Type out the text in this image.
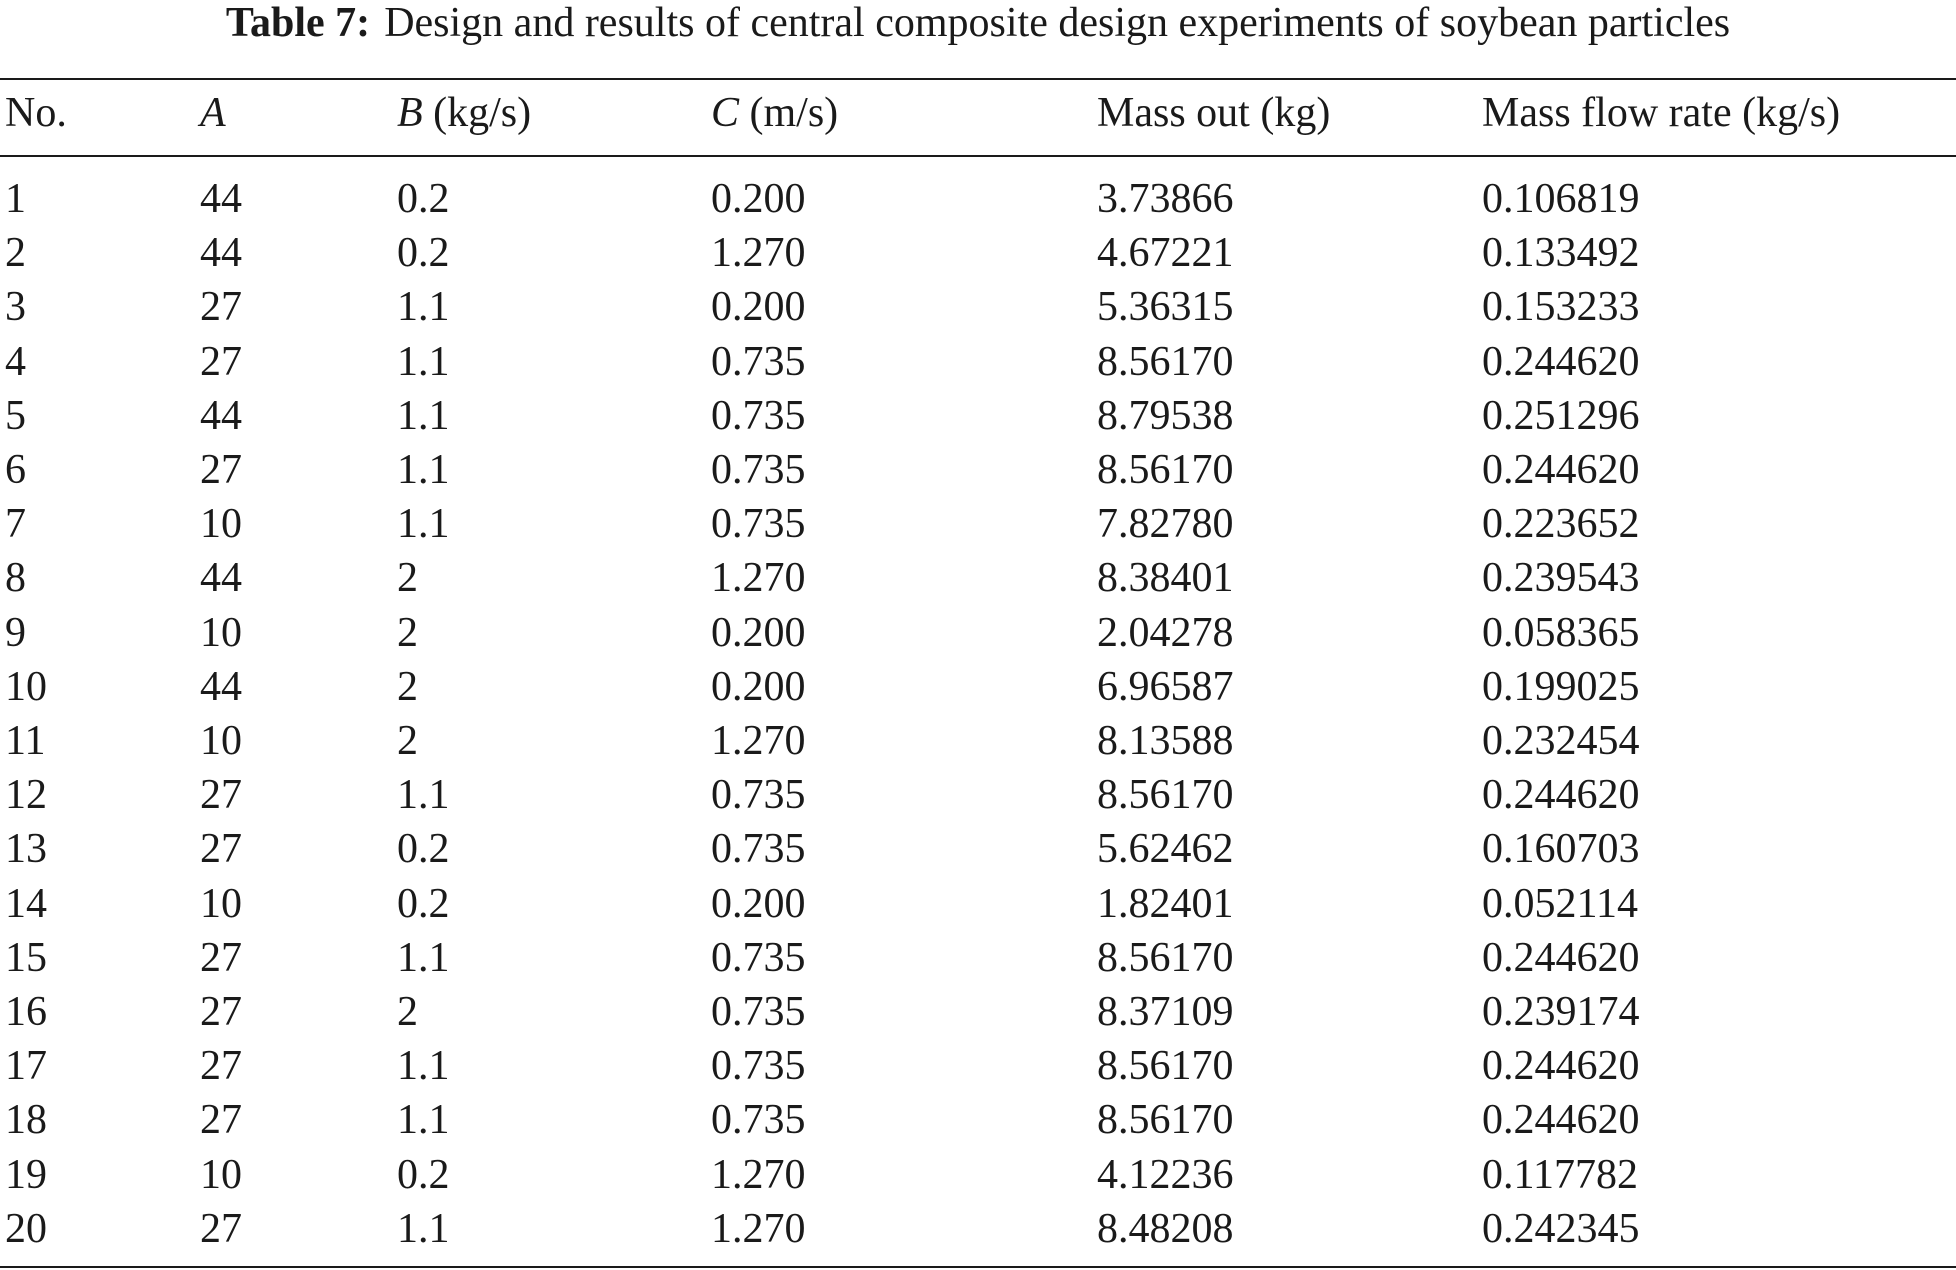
Table 7: Design and results of central composite design experiments of soybean particles
No.	A	B (kg/s)	C (m/s)	Mass out (kg)	Mass flow rate (kg/s)
1	44	0.2	0.200	3.73866	0.106819
2	44	0.2	1.270	4.67221	0.133492
3	27	1.1	0.200	5.36315	0.153233
4	27	1.1	0.735	8.56170	0.244620
5	44	1.1	0.735	8.79538	0.251296
6	27	1.1	0.735	8.56170	0.244620
7	10	1.1	0.735	7.82780	0.223652
8	44	2	1.270	8.38401	0.239543
9	10	2	0.200	2.04278	0.058365
10	44	2	0.200	6.96587	0.199025
11	10	2	1.270	8.13588	0.232454
12	27	1.1	0.735	8.56170	0.244620
13	27	0.2	0.735	5.62462	0.160703
14	10	0.2	0.200	1.82401	0.052114
15	27	1.1	0.735	8.56170	0.244620
16	27	2	0.735	8.37109	0.239174
17	27	1.1	0.735	8.56170	0.244620
18	27	1.1	0.735	8.56170	0.244620
19	10	0.2	1.270	4.12236	0.117782
20	27	1.1	1.270	8.48208	0.242345
